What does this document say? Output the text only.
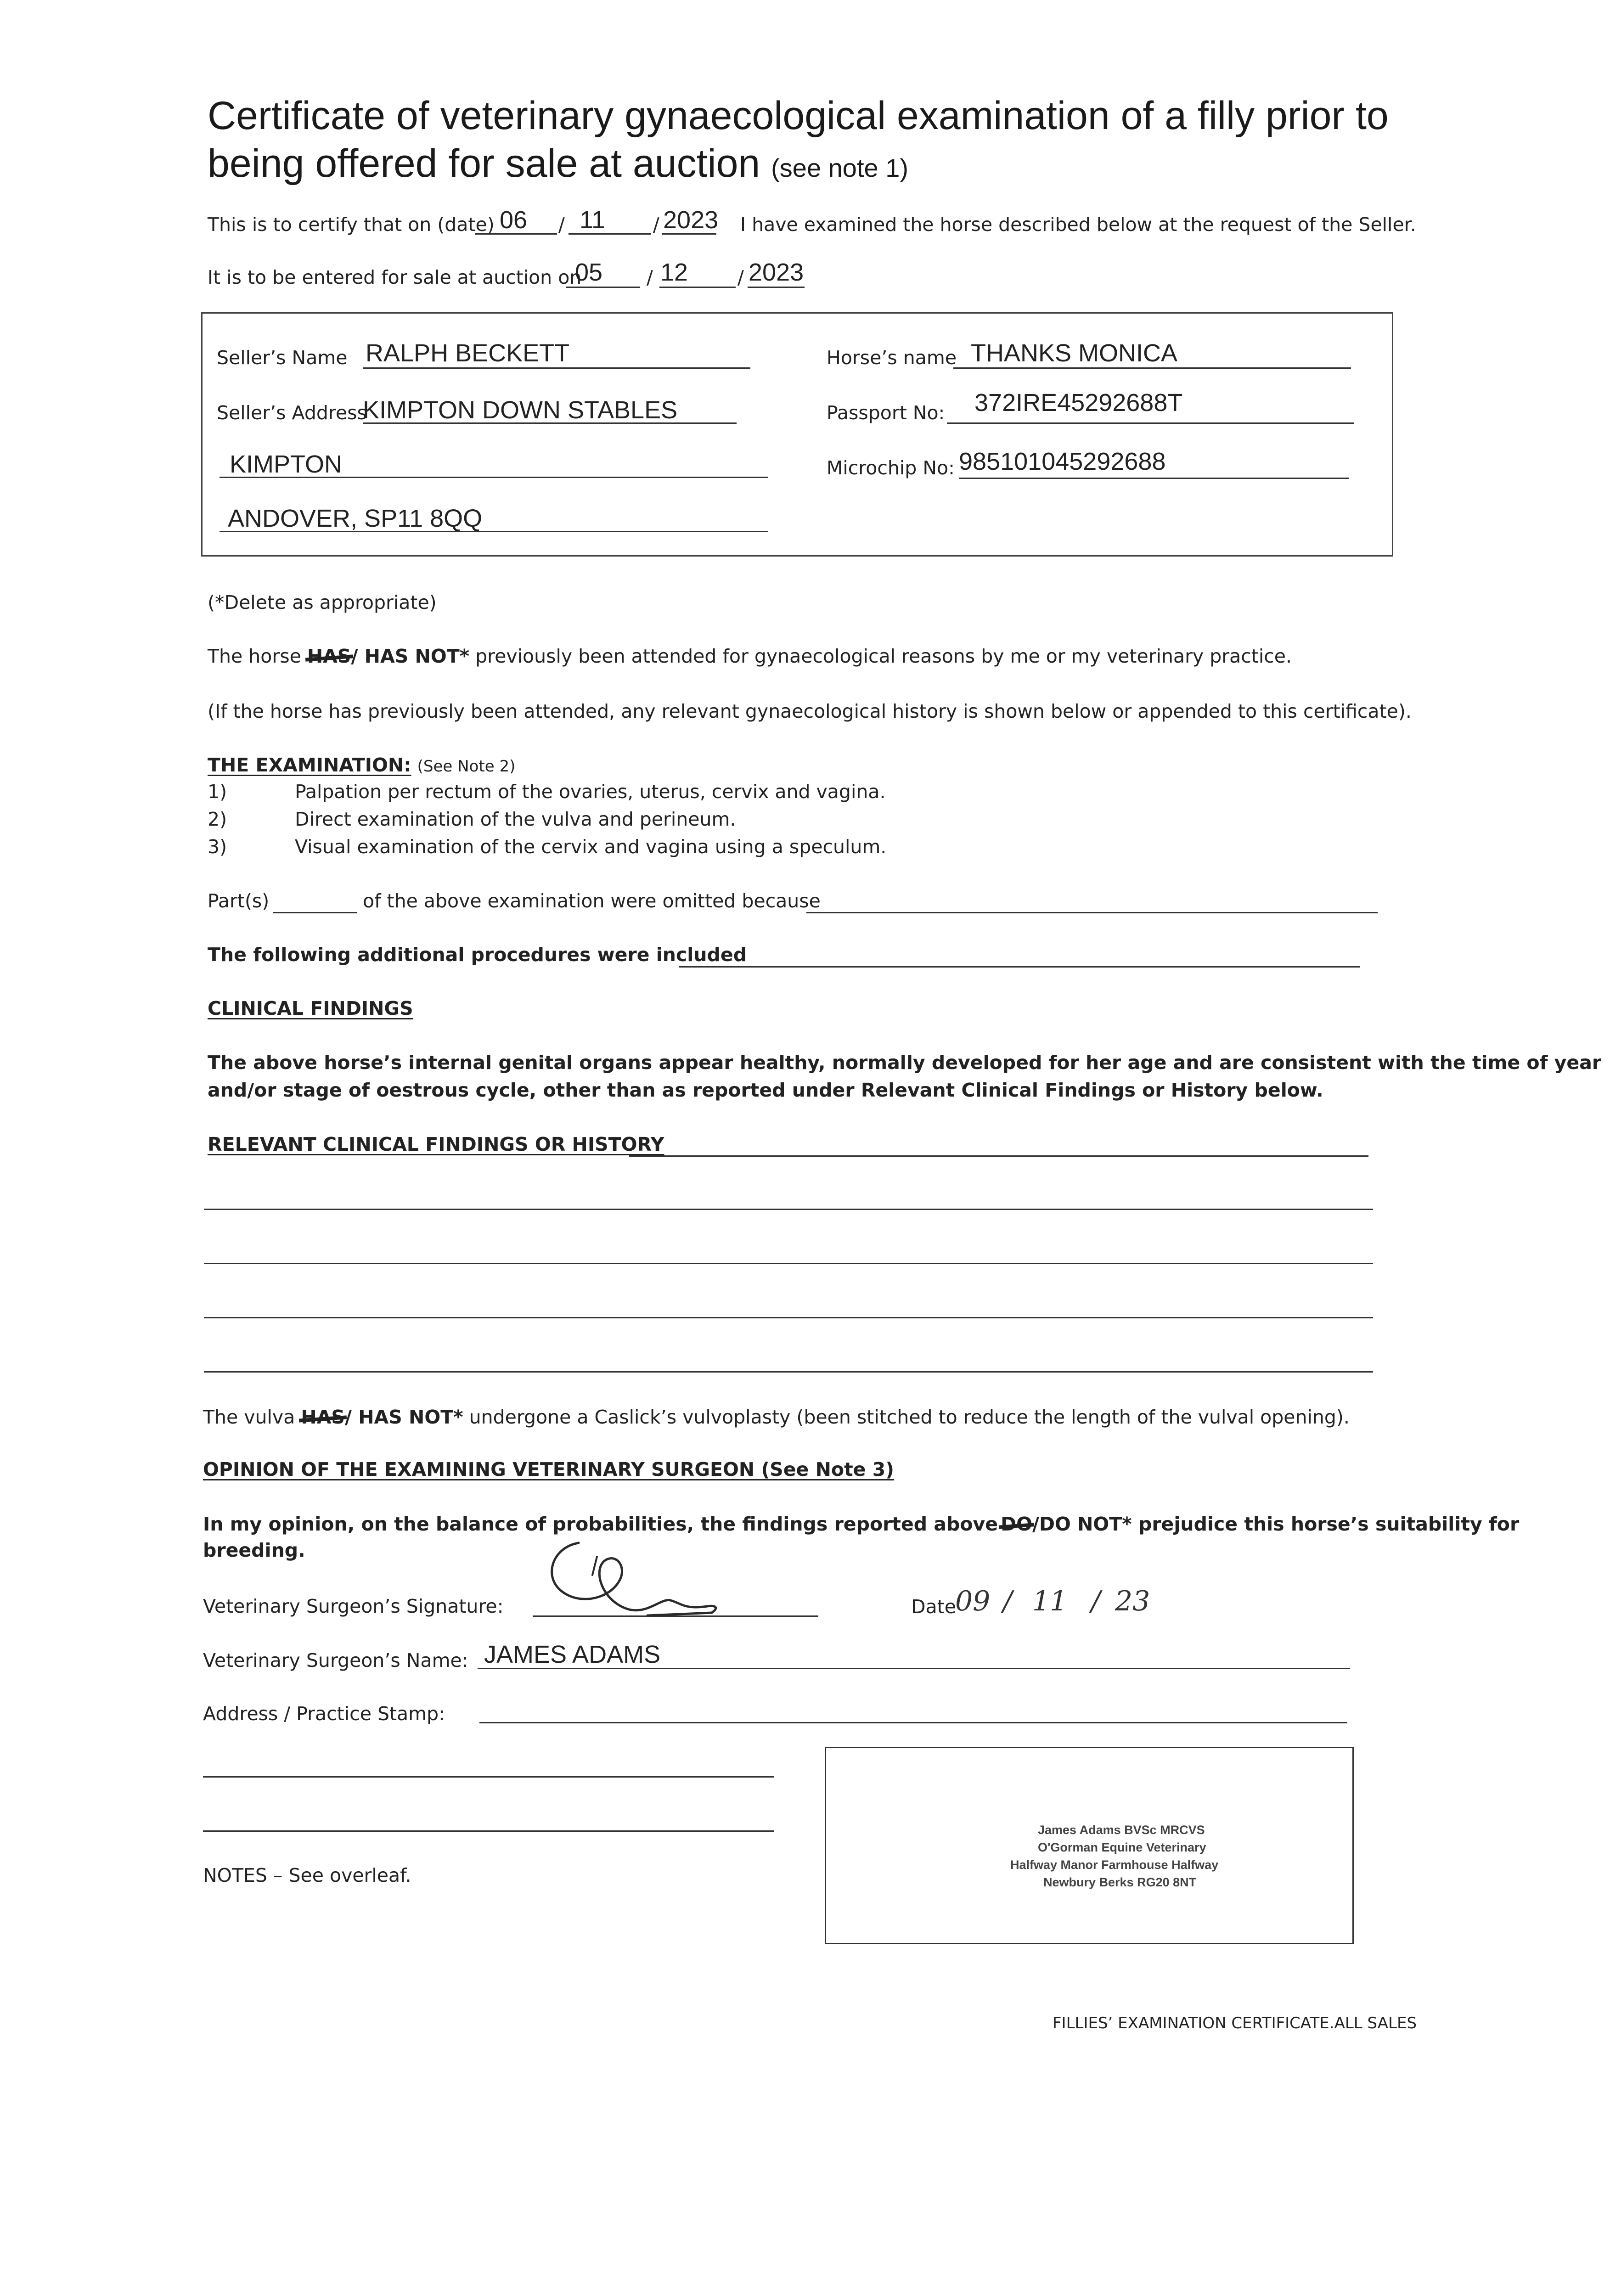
Certificate of veterinary gynaecological examination of a filly prior to
being offered for sale at auction (see note 1)
This is to certify that on (date) 06 / 11	/ 2023 I have examined the horse described below at the request of the Seller.
It is to be entered for sale at auction on
05 / 12	/ 2023
Seller’s Name RALPH BECKETT
Seller’s Address
KIMPTON DOWN STABLES
KIMPTON
ANDOVER, SP11 8QQ
Horse’s name THANKS MONICA
Passport No: 372IRE45292688T
Microchip No: 985101045292688
(*Delete as appropriate)
The horse HAS/ HAS NOT* previously been attended for gynaecological reasons by me or my veterinary practice.
(If the horse has previously been attended, any relevant gynaecological history is shown below or appended to this certificate).
THE EXAMINATION: (See Note 2)
1)	Palpation per rectum of the ovaries, uterus, cervix and vagina.
2)	Direct examination of the vulva and perineum.
3)	Visual examination of the cervix and vagina using a speculum.
Part(s)	of the above examination were omitted because
The following additional procedures were included
CLINICAL FINDINGS
The above horse’s internal genital organs appear healthy, normally developed for her age and are consistent with the time of year
and/or stage of oestrous cycle, other than as reported under Relevant Clinical Findings or History below.
RELEVANT CLINICAL FINDINGS OR HISTORY
The vulva HAS/ HAS NOT* undergone a Caslick’s vulvoplasty (been stitched to reduce the length of the vulval opening).
OPINION OF THE EXAMINING VETERINARY SURGEON (See Note 3)
In my opinion, on the balance of probabilities, the findings reported above DO/DO NOT* prejudice this horse’s suitability for
breeding.
Veterinary Surgeon’s Signature:	Date
09 / 11 / 23
Veterinary Surgeon’s Name: JAMES ADAMS
Address / Practice Stamp:
James Adams BVSc MRCVS
O'Gorman Equine Veterinary
Halfway Manor Farmhouse Halfway
Newbury Berks RG20 8NT
NOTES – See overleaf.
FILLIES’ EXAMINATION CERTIFICATE.ALL SALES
